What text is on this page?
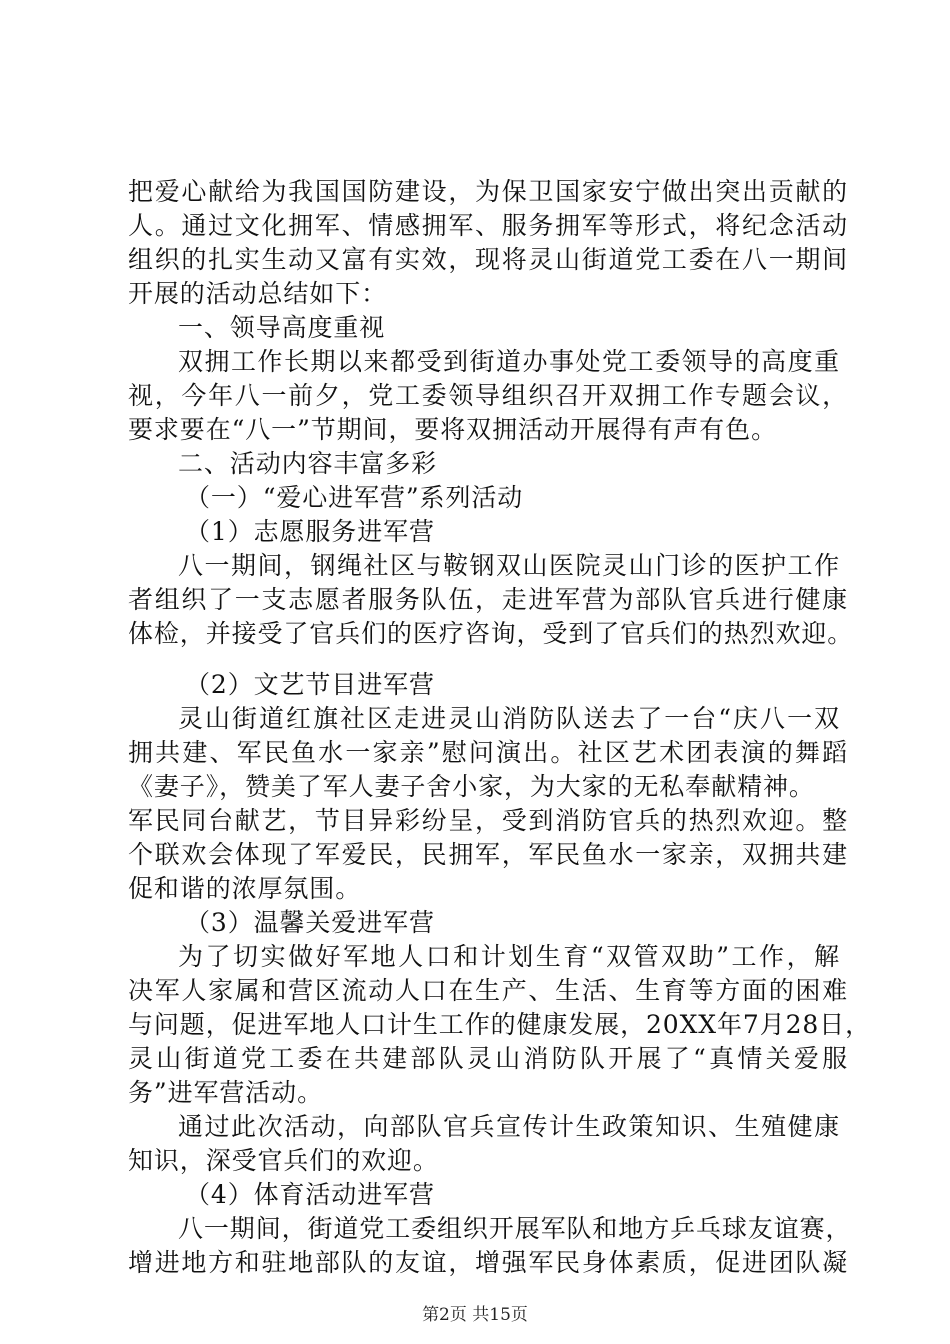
把爱心献给为我国国防建设，为保卫国家安宁做出突出贡献的
人。通过文化拥军、情感拥军、服务拥军等形式，将纪念活动
组织的扎实生动又富有实效，现将灵山街道党工委在八一期间
开展的活动总结如下：
一、领导高度重视
双拥工作长期以来都受到街道办事处党工委领导的高度重
视，今年八一前夕，党工委领导组织召开双拥工作专题会议，
要求要在“八一”节期间，要将双拥活动开展得有声有色。
二、活动内容丰富多彩
（一）“爱心进军营”系列活动
（1）志愿服务进军营
八一期间，钢绳社区与鞍钢双山医院灵山门诊的医护工作
者组织了一支志愿者服务队伍，走进军营为部队官兵进行健康
体检，并接受了官兵们的医疗咨询，受到了官兵们的热烈欢迎。
（2）文艺节目进军营
灵山街道红旗社区走进灵山消防队送去了一台“庆八一双
拥共建、军民鱼水一家亲”慰问演出。社区艺术团表演的舞蹈
《妻子》，赞美了军人妻子舍小家，为大家的无私奉献精神。
军民同台献艺，节目异彩纷呈，受到消防官兵的热烈欢迎。整
个联欢会体现了军爱民，民拥军，军民鱼水一家亲，双拥共建
促和谐的浓厚氛围。
（3）温馨关爱进军营
为了切实做好军地人口和计划生育“双管双助”工作，解
决军人家属和营区流动人口在生产、生活、生育等方面的困难
与问题，促进军地人口计生工作的健康发展，20XX年7月28日，
灵山街道党工委在共建部队灵山消防队开展了“真情关爱服
务”进军营活动。
通过此次活动，向部队官兵宣传计生政策知识、生殖健康
知识，深受官兵们的欢迎。
（4）体育活动进军营
八一期间，街道党工委组织开展军队和地方乒乓球友谊赛，
增进地方和驻地部队的友谊，增强军民身体素质，促进团队凝
第2页 共15页
